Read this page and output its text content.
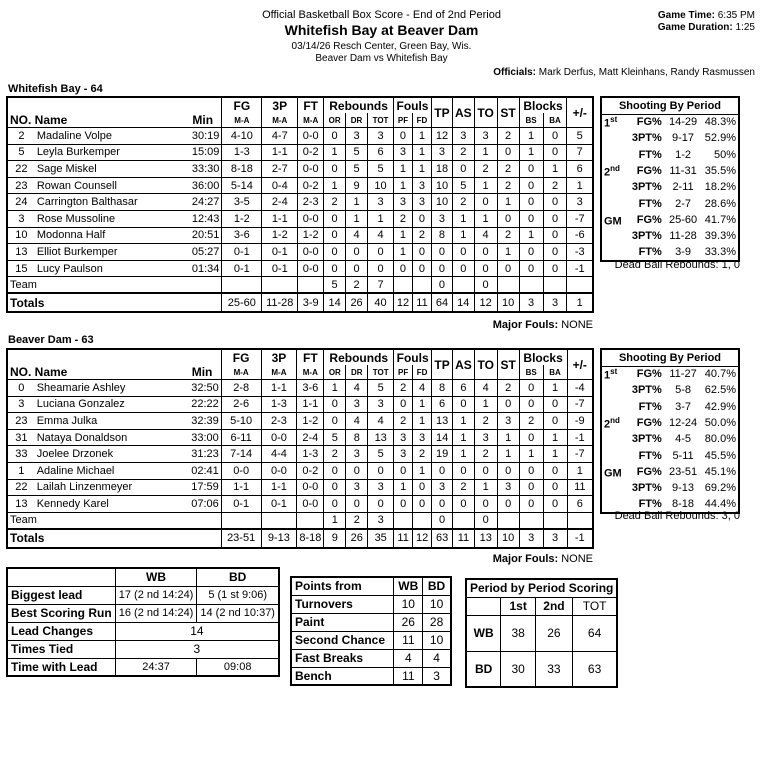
Official Basketball Box Score - End of 2nd Period
Whitefish Bay at Beaver Dam
03/14/26 Resch Center, Green Bay, Wis.
Beaver Dam vs Whitefish Bay
Game Time: 6:35 PM
Game Duration: 1:25
Officials: Mark Derfus, Matt Kleinhans, Randy Rasmussen
Whitefish Bay - 64
			FG	3P	FT	Rebounds			Fouls		TP	AS	TO	ST	Blocks		+/-
NO. Name		Min	M-A	M-A	M-A	OR	DR	TOT	PF	FD					BS	BA	
2	Madaline Volpe	30:19	4-10	4-7	0-0	0	3	3	0	1	12	3	3	2	1	0	5
5	Leyla Burkemper	15:09	1-3	1-1	0-2	1	5	6	3	1	3	2	1	0	1	0	7
22	Sage Miskel	33:30	8-18	2-7	0-0	0	5	5	1	1	18	0	2	2	0	1	6
23	Rowan Counsell	36:00	5-14	0-4	0-2	1	9	10	1	3	10	5	1	2	0	2	1
24	Carrington Balthasar	24:27	3-5	2-4	2-3	2	1	3	3	3	10	2	0	1	0	0	3
3	Rose Mussoline	12:43	1-2	1-1	0-0	0	1	1	2	0	3	1	1	0	0	0	-7
10	Modonna Half	20:51	3-6	1-2	1-2	0	4	4	1	2	8	1	4	2	1	0	-6
13	Elliot Burkemper	05:27	0-1	0-1	0-0	0	0	0	1	0	0	0	0	1	0	0	-3
15	Lucy Paulson	01:34	0-1	0-1	0-0	0	0	0	0	0	0	0	0	0	0	0	-1
Team						5	2	7			0		0				
Totals			25-60	11-28	3-9	14	26	40	12	11	64	14	12	10	3	3	1
Shooting By Period			
1st	FG%	14-29	48.3%
	3PT%	9-17	52.9%
	FT%	1-2	50%
2nd	FG%	11-31	35.5%
	3PT%	2-11	18.2%
	FT%	2-7	28.6%
GM	FG%	25-60	41.7%
	3PT%	11-28	39.3%
	FT%	3-9	33.3%
Dead Ball Rebounds: 1, 0
Major Fouls: NONE
Beaver Dam - 63
			FG	3P	FT	Rebounds			Fouls		TP	AS	TO	ST	Blocks		+/-
NO. Name		Min	M-A	M-A	M-A	OR	DR	TOT	PF	FD					BS	BA	
0	Sheamarie Ashley	32:50	2-8	1-1	3-6	1	4	5	2	4	8	6	4	2	0	1	-4
3	Luciana Gonzalez	22:22	2-6	1-3	1-1	0	3	3	0	1	6	0	1	0	0	0	-7
23	Emma Julka	32:39	5-10	2-3	1-2	0	4	4	2	1	13	1	2	3	2	0	-9
31	Nataya Donaldson	33:00	6-11	0-0	2-4	5	8	13	3	3	14	1	3	1	0	1	-1
33	Joelee Drzonek	31:23	7-14	4-4	1-3	2	3	5	3	2	19	1	2	1	1	1	-7
1	Adaline Michael	02:41	0-0	0-0	0-2	0	0	0	0	1	0	0	0	0	0	0	1
22	Lailah Linzenmeyer	17:59	1-1	1-1	0-0	0	3	3	1	0	3	2	1	3	0	0	11
13	Kennedy Karel	07:06	0-1	0-1	0-0	0	0	0	0	0	0	0	0	0	0	0	6
Team						1	2	3			0		0				
Totals			23-51	9-13	8-18	9	26	35	11	12	63	11	13	10	3	3	-1
Shooting By Period			
1st	FG%	11-27	40.7%
	3PT%	5-8	62.5%
	FT%	3-7	42.9%
2nd	FG%	12-24	50.0%
	3PT%	4-5	80.0%
	FT%	5-11	45.5%
GM	FG%	23-51	45.1%
	3PT%	9-13	69.2%
	FT%	8-18	44.4%
Dead Ball Rebounds: 3, 0
Major Fouls: NONE
	WB	BD
Biggest lead	17 (2 nd 14:24)	5 (1 st 9:06)
Best Scoring Run	16 (2 nd 14:24)	14 (2 nd 10:37)
Lead Changes	14	
Times Tied	3	
Time with Lead	24:37	09:08
Points from	WB	BD
Turnovers	10	10
Paint	26	28
Second Chance	11	10
Fast Breaks	4	4
Bench	11	3
Period by Period Scoring			
	1st	2nd	TOT
WB	38	26	64
BD	30	33	63
